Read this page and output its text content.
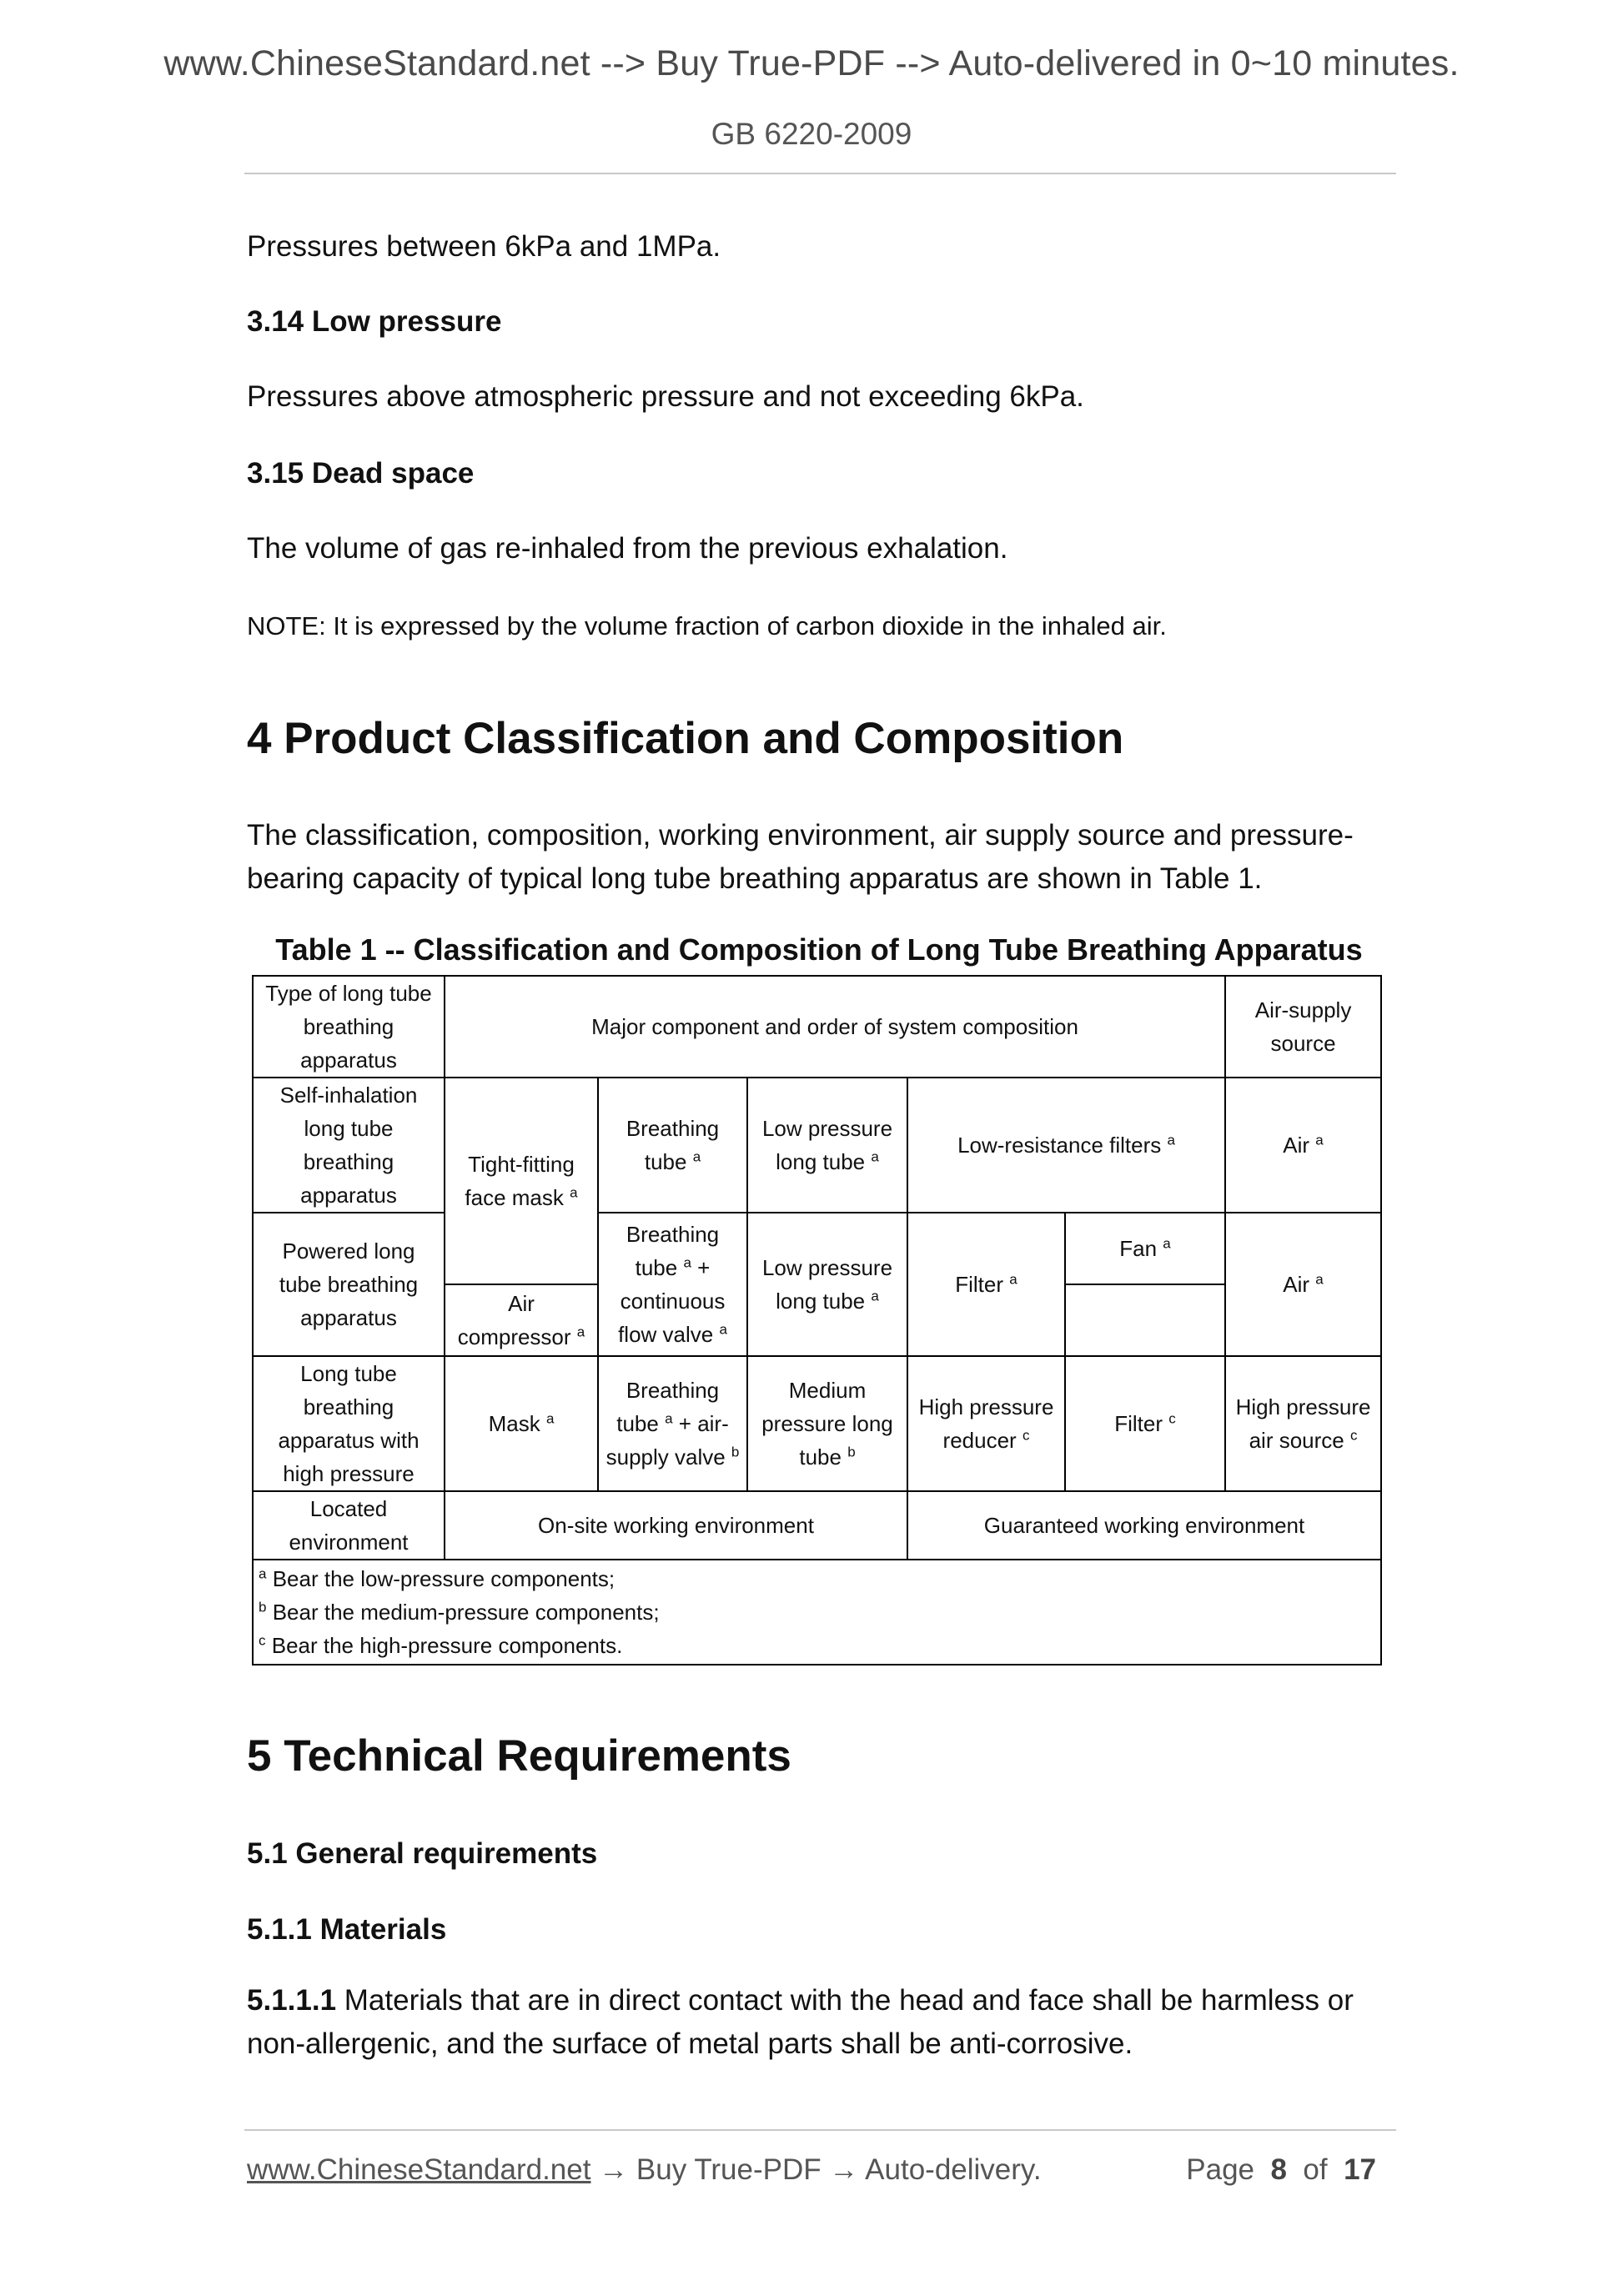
www.ChineseStandard.net --> Buy True-PDF --> Auto-delivered in 0~10 minutes.
GB 6220-2009

Pressures between 6kPa and 1MPa.

3.14 Low pressure

Pressures above atmospheric pressure and not exceeding 6kPa.

3.15 Dead space

The volume of gas re-inhaled from the previous exhalation.

NOTE: It is expressed by the volume fraction of carbon dioxide in the inhaled air.

4 Product Classification and Composition

The classification, composition, working environment, air supply source and pressure-

bearing capacity of typical long tube breathing apparatus are shown in Table 1.

Table 1 -- Classification and Composition of Long Tube Breathing Apparatus
Type of long tube breathing apparatus	Major component and order of system composition					Air-supply source
Self-inhalation long tube breathing apparatus	Tight-fitting face mask $^a$	Breathing tube $^a$	Low pressure long tube $^a$	Low-resistance filters $^a$		Air $^a$
Powered long tube breathing apparatus		Breathing tube $^a$ + continuous flow valve $^a$	Low pressure long tube $^a$	Filter $^a$	Fan $^a$	Air $^a$
	Air compressor $^a$
Long tube breathing apparatus with high pressure	Mask $^a$	Breathing tube $^a$ + air-supply valve $^b$	Medium pressure long tube $^b$	High pressure reducer $^c$	Filter $^c$	High pressure air source $^c$
Located environment	On-site working environment			Guaranteed working environment		

$^a$ Bear the low-pressure components;
$^b$ Bear the medium-pressure components;
$^c$ Bear the high-pressure components.						

5 Technical Requirements

5.1 General requirements

5.1.1 Materials

5.1.1.1 Materials that are in direct contact with the head and face shall be harmless or

non-allergenic, and the surface of metal parts shall be anti-corrosive.

www.ChineseStandard.net → Buy True-PDF → Auto-delivery.	Page 8 of 17
